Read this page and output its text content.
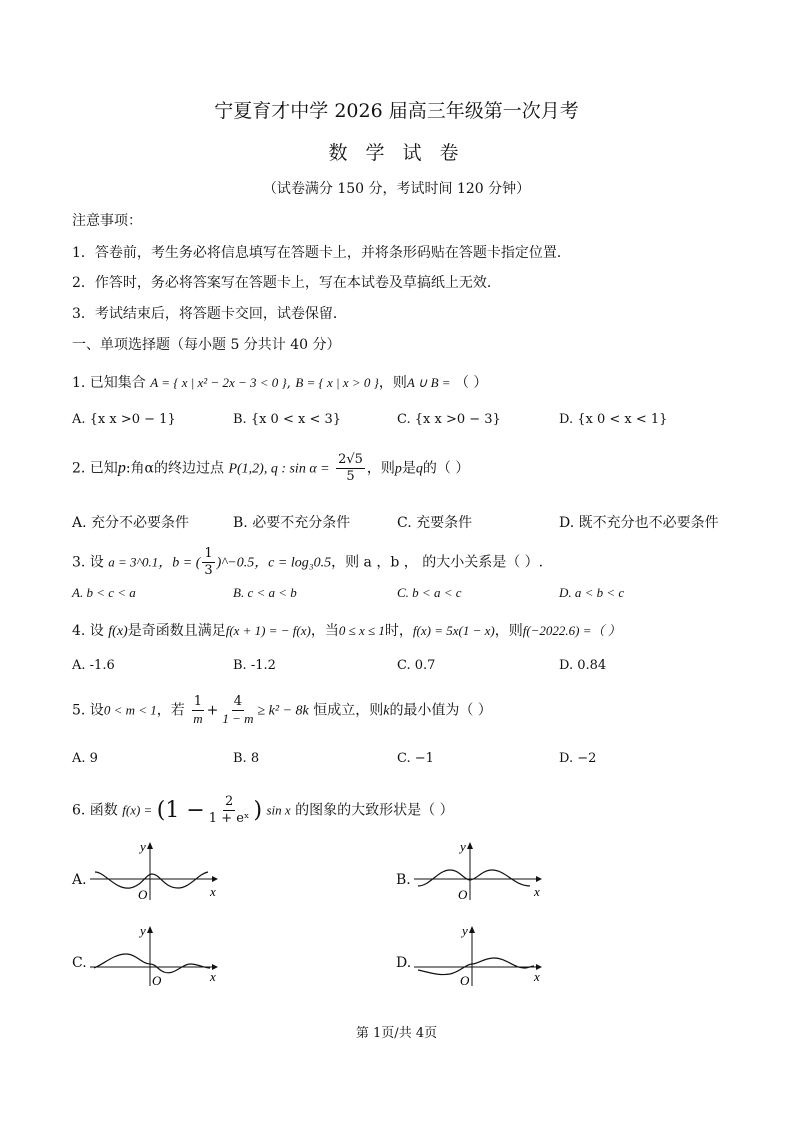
宁夏育才中学 2026 届高三年级第一次月考
数 学 试 卷
（试卷满分 150 分，考试时间 120 分钟）
注意事项：
1．答卷前，考生务必将信息填写在答题卡上，并将条形码贴在答题卡指定位置．
2．作答时，务必将答案写在答题卡上，写在本试卷及草搞纸上无效．
3．考试结束后，将答题卡交回，试卷保留．
一、单项选择题（每小题 5 分共计 40 分）
1. 已知集合 A = { x | x² − 2x − 3 < 0 }, B = { x | x > 0 }，则A ∪ B = （ ）
A. {x x >0 − 1}	B. {x 0 < x < 3}	C. {x x >0 − 3}	D. {x 0 < x < 1}
2. 已知p:角α的终边过点 P(1,2), q : $\sin \alpha = \frac{2√5}{5}$ ，则p是q的（ ）
A. 充分不必要条件	B. 必要不充分条件	C. 充要条件	D. 既不充分也不必要条件
3. 设 a = 3^0.1，b = ( $\frac{1}{3}$ )^−0.5，c = log₃0.5，则 a ，b ， 的大小关系是（ ）.
A. b < c < a	B. c < a < b	C. b < a < c	D. a < b < c
4. 设 f(x)是奇函数且满足f(x + 1) = − f(x)，当0 ≤ x ≤ 1时，f(x) = 5x(1 − x)，则f(−2022.6) =（ ）
A. -1.6	B. -1.2	C. 0.7	D. 0.84
5. 设0 < m < 1，若 $\frac{1}{m} + \frac{4}{1 - m} \ge k^2 - 8k$ 恒成立，则k的最小值为（ ）
A. 9	B. 8	C. −1	D. −2
6. 函数 $f(x) = (1 - \frac{2}{\text{1 + eˣ}}$ ) sin x 的图象的大致形状是（ ）
A.	B.
C.	D.
y
x
O
y
x
O
y
x
O
y
x
O
第 1页/共 4页
